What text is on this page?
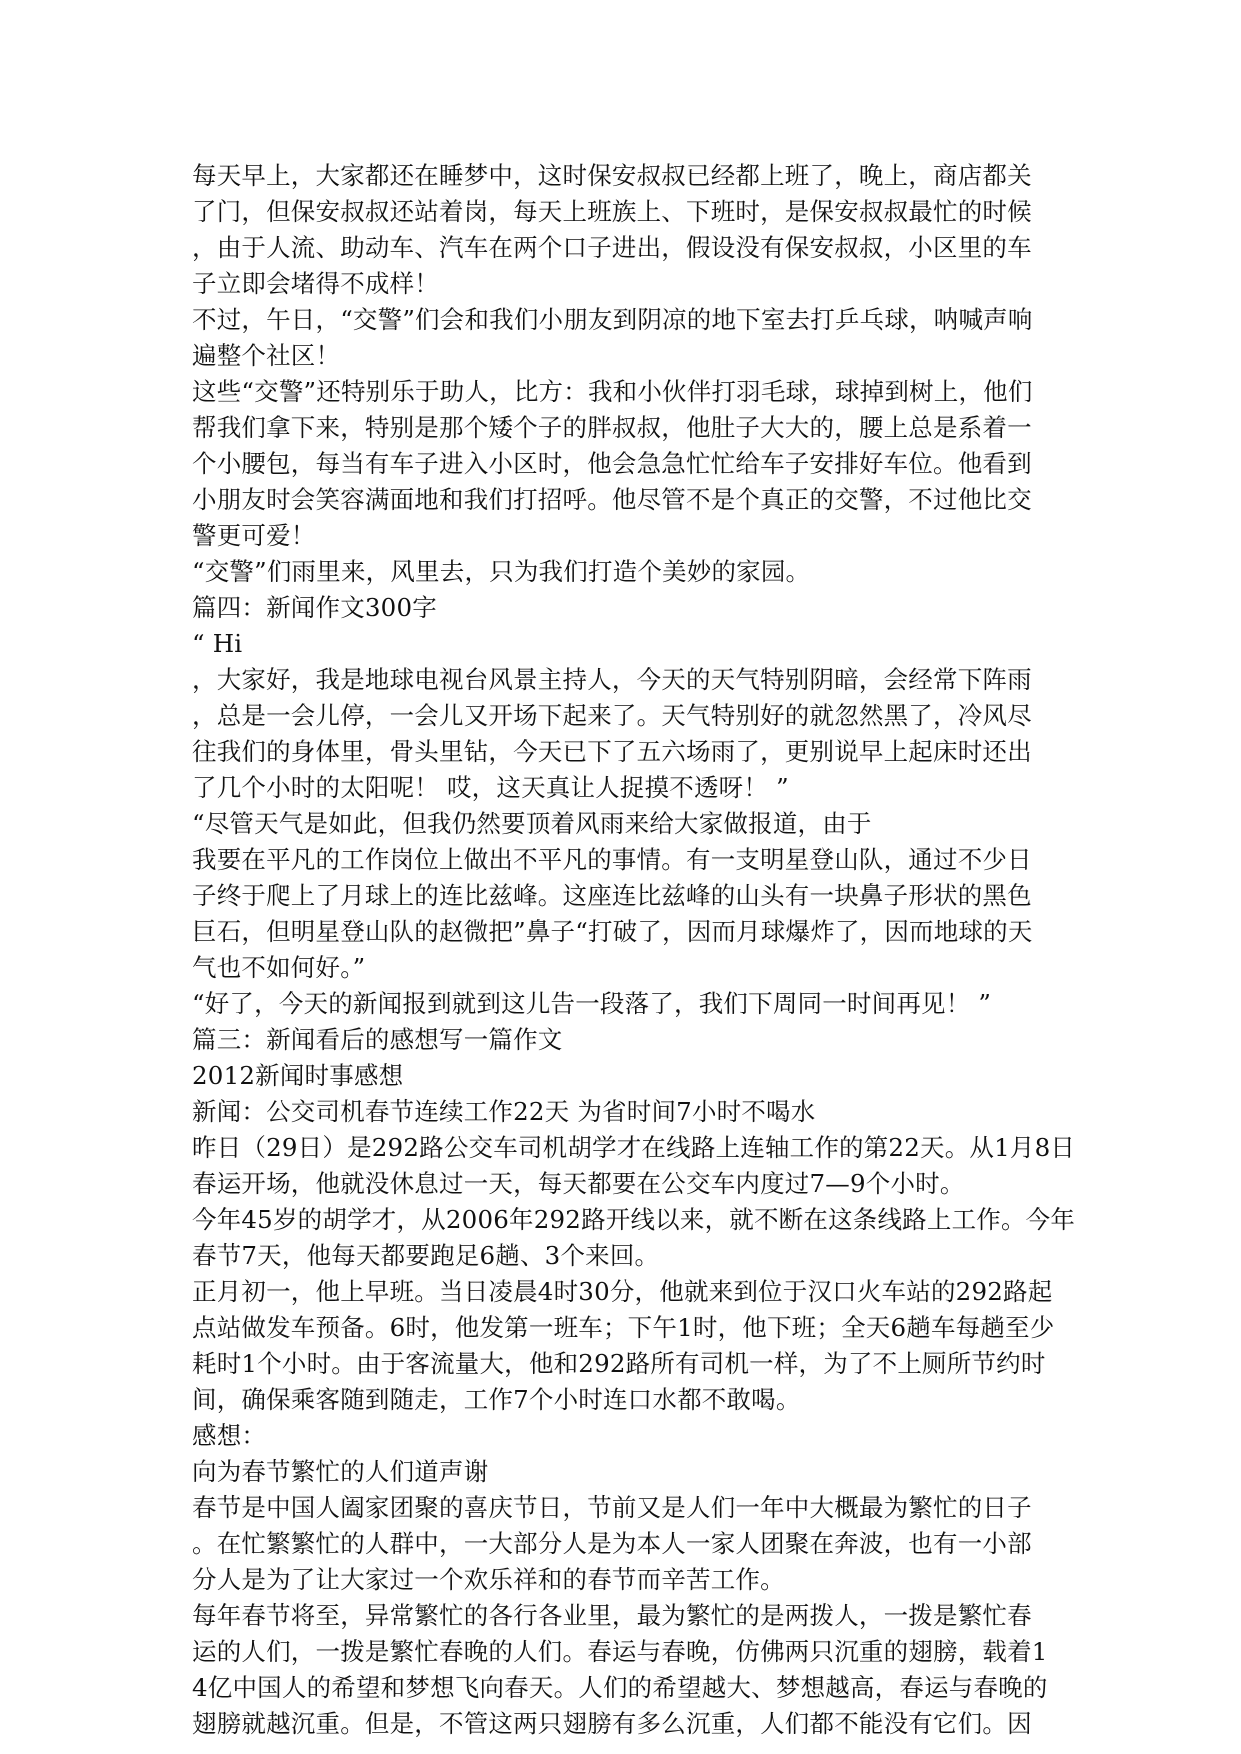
每天早上，大家都还在睡梦中，这时保安叔叔已经都上班了，晚上，商店都关
了门，但保安叔叔还站着岗，每天上班族上、下班时，是保安叔叔最忙的时候
，由于人流、助动车、汽车在两个口子进出，假设没有保安叔叔，小区里的车
子立即会堵得不成样！
不过，午日，“交警”们会和我们小朋友到阴凉的地下室去打乒乓球，呐喊声响
遍整个社区！
这些“交警”还特别乐于助人，比方：我和小伙伴打羽毛球，球掉到树上，他们
帮我们拿下来，特别是那个矮个子的胖叔叔，他肚子大大的，腰上总是系着一
个小腰包，每当有车子进入小区时，他会急急忙忙给车子安排好车位。他看到
小朋友时会笑容满面地和我们打招呼。他尽管不是个真正的交警，不过他比交
警更可爱！
“交警”们雨里来，风里去，只为我们打造个美妙的家园。
篇四：新闻作文300字
“ Hi
，大家好，我是地球电视台风景主持人，今天的天气特别阴暗，会经常下阵雨
，总是一会儿停，一会儿又开场下起来了。天气特别好的就忽然黑了，冷风尽
往我们的身体里，骨头里钻，今天已下了五六场雨了，更别说早上起床时还出
了几个小时的太阳呢！ 哎，这天真让人捉摸不透呀！ ”
“尽管天气是如此，但我仍然要顶着风雨来给大家做报道，由于
我要在平凡的工作岗位上做出不平凡的事情。有一支明星登山队，通过不少日
子终于爬上了月球上的连比兹峰。这座连比兹峰的山头有一块鼻子形状的黑色
巨石，但明星登山队的赵微把”鼻子“打破了，因而月球爆炸了，因而地球的天
气也不如何好。”
“好了，今天的新闻报到就到这儿告一段落了，我们下周同一时间再见！ ”
篇三：新闻看后的感想写一篇作文
2012新闻时事感想
新闻：公交司机春节连续工作22天 为省时间7小时不喝水
昨日（29日）是292路公交车司机胡学才在线路上连轴工作的第22天。从1月8日
春运开场，他就没休息过一天，每天都要在公交车内度过7—9个小时。
今年45岁的胡学才，从2006年292路开线以来，就不断在这条线路上工作。今年
春节7天，他每天都要跑足6趟、3个来回。
正月初一，他上早班。当日凌晨4时30分，他就来到位于汉口火车站的292路起
点站做发车预备。6时，他发第一班车；下午1时，他下班；全天6趟车每趟至少
耗时1个小时。由于客流量大，他和292路所有司机一样，为了不上厕所节约时
间，确保乘客随到随走，工作7个小时连口水都不敢喝。
感想：
向为春节繁忙的人们道声谢
春节是中国人阖家团聚的喜庆节日，节前又是人们一年中大概最为繁忙的日子
。在忙繁繁忙的人群中，一大部分人是为本人一家人团聚在奔波，也有一小部
分人是为了让大家过一个欢乐祥和的春节而辛苦工作。
每年春节将至，异常繁忙的各行各业里，最为繁忙的是两拨人，一拨是繁忙春
运的人们，一拨是繁忙春晚的人们。春运与春晚，仿佛两只沉重的翅膀，载着1
4亿中国人的希望和梦想飞向春天。人们的希望越大、梦想越高，春运与春晚的
翅膀就越沉重。但是，不管这两只翅膀有多么沉重，人们都不能没有它们。因
